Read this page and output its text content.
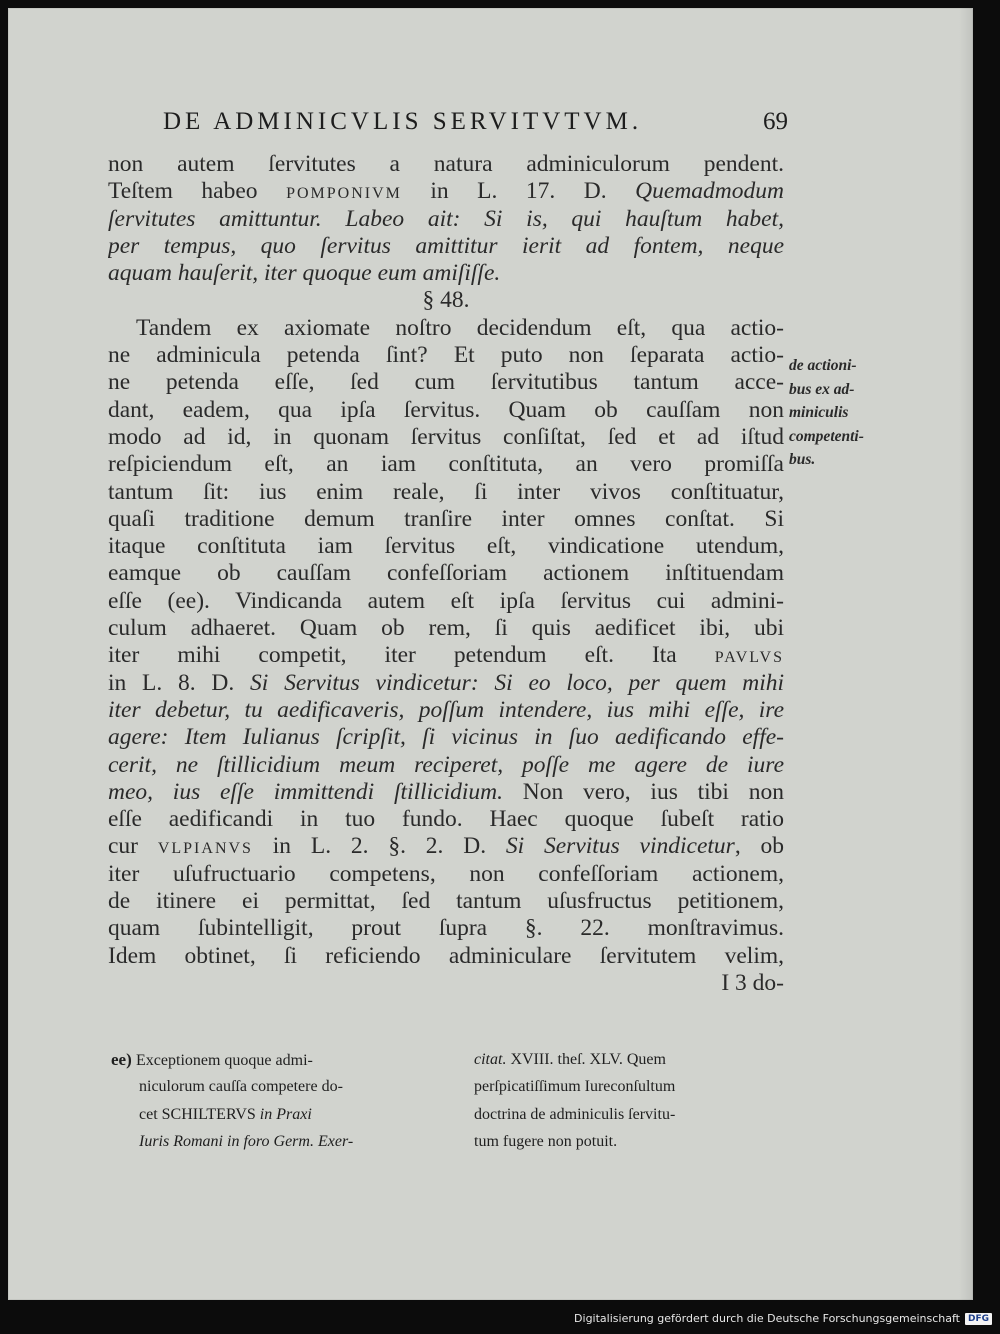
DE ADMINICVLIS SERVITVTVM.	69
non autem ſervitutes a natura adminiculorum pendent.
Teſtem habeo pomponivm in L. 17. D. Quemadmodum
ſervitutes amittuntur. Labeo ait: Si is, qui hauſtum habet,
per tempus, quo ſervitus amittitur ierit ad fontem, neque
aquam hauſerit, iter quoque eum amiſiſſe.
§ 48.
Tandem ex axiomate noſtro decidendum eſt, qua actio-
ne adminicula petenda ſint? Et puto non ſeparata actio-
ne petenda eſſe, ſed cum ſervitutibus tantum acce-
dant, eadem, qua ipſa ſervitus. Quam ob cauſſam non
modo ad id, in quonam ſervitus conſiſtat, ſed et ad iſtud
reſpiciendum eſt, an iam conſtituta, an vero promiſſa
tantum ſit: ius enim reale, ſi inter vivos conſtituatur,
quaſi traditione demum tranſire inter omnes conſtat. Si
itaque conſtituta iam ſervitus eſt, vindicatione utendum,
eamque ob cauſſam confeſſoriam actionem inſtituendam
eſſe (ee). Vindicanda autem eſt ipſa ſervitus cui admini-
culum adhaeret. Quam ob rem, ſi quis aedificet ibi, ubi
iter mihi competit, iter petendum eſt. Ita pavlvs
in L. 8. D. Si Servitus vindicetur: Si eo loco, per quem mihi
iter debetur, tu aedificaveris, poſſum intendere, ius mihi eſſe, ire
agere: Item Iulianus ſcripſit, ſi vicinus in ſuo aedificando effe-
cerit, ne ſtillicidium meum reciperet, poſſe me agere de iure
meo, ius eſſe immittendi ſtillicidium. Non vero, ius tibi non
eſſe aedificandi in tuo fundo. Haec quoque ſubeſt ratio
cur vlpianvs in L. 2. §. 2. D. Si Servitus vindicetur, ob
iter uſufructuario competens, non confeſſoriam actionem,
de itinere ei permittat, ſed tantum uſusfructus petitionem,
quam ſubintelligit, prout ſupra §. 22. monſtravimus.
Idem obtinet, ſi reficiendo adminiculare ſervitutem velim,
I 3 do-
de actioni-
bus ex ad-
miniculis
competenti-
bus.
ee) Exceptionem quoque admi-
niculorum cauſſa competere do-
cet SCHILTERVS in Praxi
Iuris Romani in foro Germ. Exer-
citat. XVIII. theſ. XLV. Quem
perſpicatiſſimum Iureconſultum
doctrina de adminiculis ſervitu-
tum fugere non potuit.
Digitalisierung gefördert durch die Deutsche Forschungsgemeinschaft DFG
